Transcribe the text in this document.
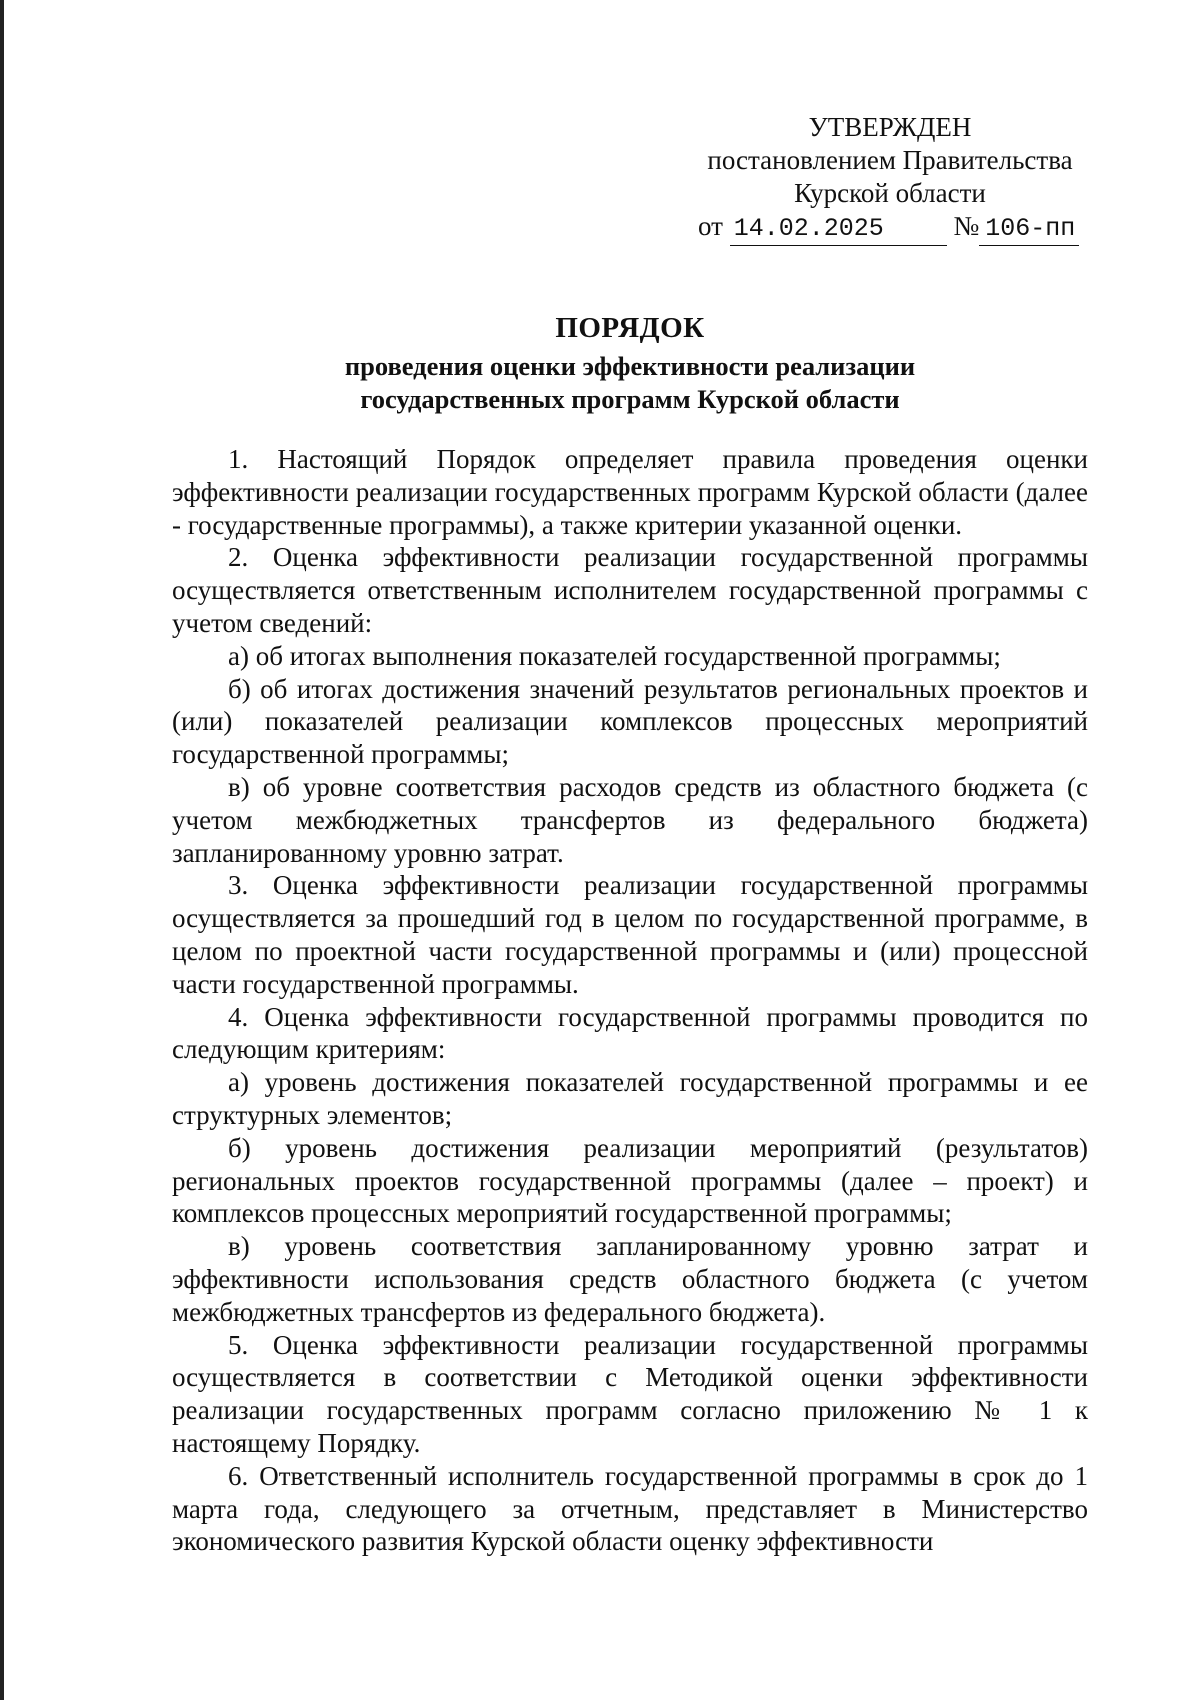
УТВЕРЖДЕН
постановлением Правительства
Курской области
от 14.02.2025	№ 106-пп
ПОРЯДОК
проведения оценки эффективности реализации
государственных программ Курской области

1. Настоящий Порядок определяет правила проведения оценки эффективности реализации государственных программ Курской области (далее - государственные программы), а также критерии указанной оценки.

2. Оценка эффективности реализации государственной программы осуществляется ответственным исполнителем государственной программы с учетом сведений:

а) об итогах выполнения показателей государственной программы;

б) об итогах достижения значений результатов региональных проектов и (или) показателей реализации комплексов процессных мероприятий государственной программы;

в) об уровне соответствия расходов средств из областного бюджета (с учетом межбюджетных трансфертов из федерального бюджета) запланированному уровню затрат.

3. Оценка эффективности реализации государственной программы осуществляется за прошедший год в целом по государственной программе, в целом по проектной части государственной программы и (или) процессной части государственной программы.

4. Оценка эффективности государственной программы проводится по следующим критериям:

а) уровень достижения показателей государственной программы и ее структурных элементов;

б) уровень достижения реализации мероприятий (результатов) региональных проектов государственной программы (далее – проект) и комплексов процессных мероприятий государственной программы;

в) уровень соответствия запланированному уровню затрат и эффективности использования средств областного бюджета (с учетом межбюджетных трансфертов из федерального бюджета).

5. Оценка эффективности реализации государственной программы осуществляется в соответствии с Методикой оценки эффективности реализации государственных программ согласно приложению № 1 к настоящему Порядку.

6. Ответственный исполнитель государственной программы в срок до 1 марта года, следующего за отчетным, представляет в Министерство экономического развития Курской области оценку эффективности
